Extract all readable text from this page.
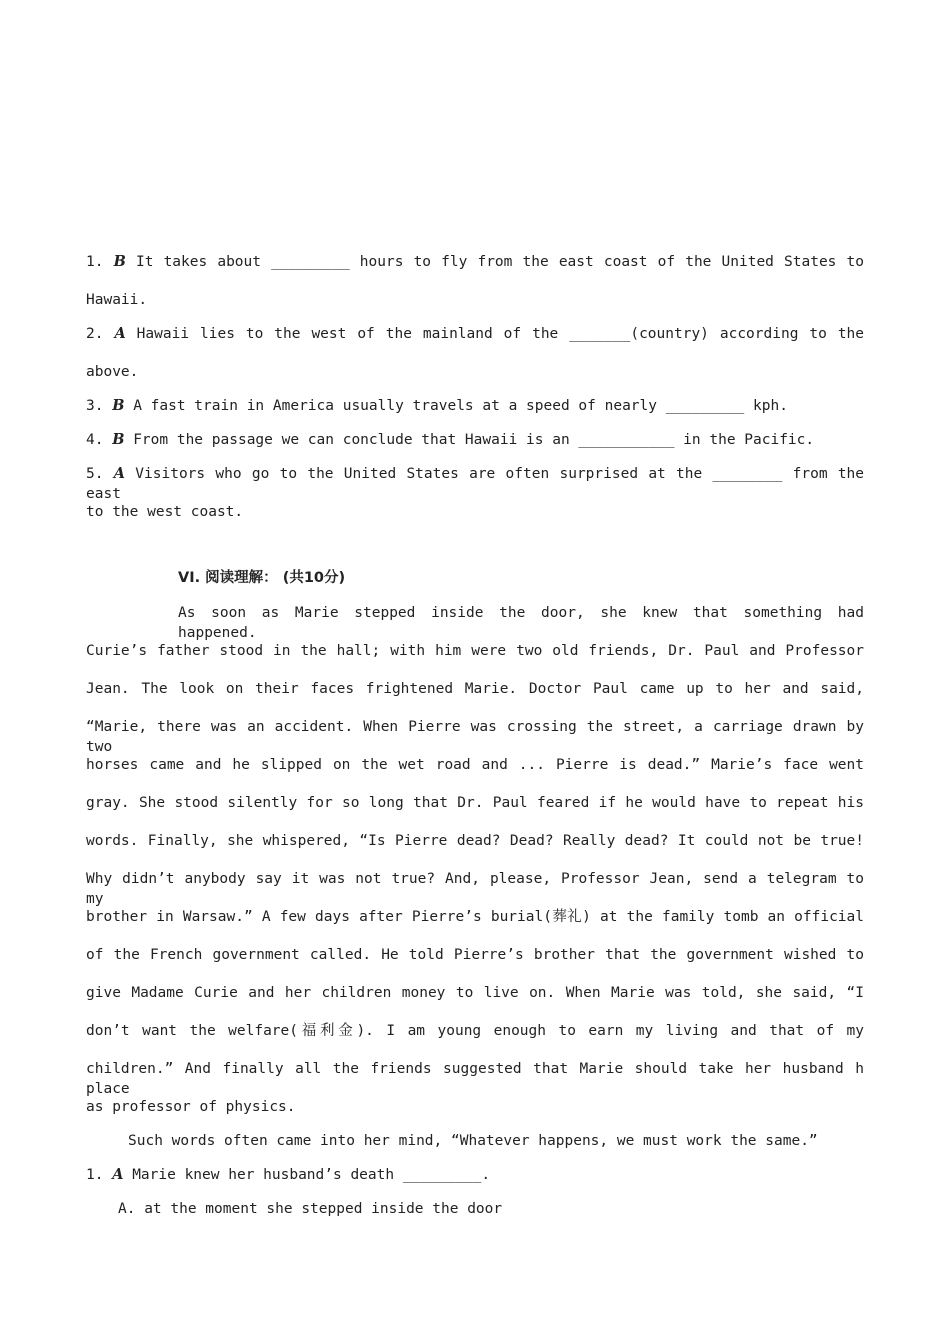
1. B It takes about _________ hours to fly from the east coast of the United States to
Hawaii.
2. A Hawaii lies to the west of the mainland of the _______(country) according to the
above.
3. B A fast train in America usually travels at a speed of nearly _________ kph.
4. B From the passage we can conclude that Hawaii is an ___________ in the Pacific.
5. A Visitors who go to the United States are often surprised at the ________ from the east
to the west coast.
VI. 阅读理解： (共10分)
As soon as Marie stepped inside the door, she knew that something had happened.
Curie’s father stood in the hall; with him were two old friends, Dr. Paul and Professor
Jean. The look on their faces frightened Marie. Doctor Paul came up to her and said,
“Marie, there was an accident. When Pierre was crossing the street, a carriage drawn by two
horses came and he slipped on the wet road and ... Pierre is dead.” Marie’s face went
gray. She stood silently for so long that Dr. Paul feared if he would have to repeat his
words. Finally, she whispered, “Is Pierre dead? Dead? Really dead? It could not be true!
Why didn’t anybody say it was not true? And, please, Professor Jean, send a telegram to my
brother in Warsaw.” A few days after Pierre’s burial(葬礼) at the family tomb an official
of the French government called. He told Pierre’s brother that the government wished to
give Madame Curie and her children money to live on. When Marie was told, she said, “I
don’t want the welfare(福利金). I am young enough to earn my living and that of my
children.” And finally all the friends suggested that Marie should take her husband h place
as professor of physics.
Such words often came into her mind, “Whatever happens, we must work the same.”
1. A Marie knew her husband’s death _________.
A. at the moment she stepped inside the door
